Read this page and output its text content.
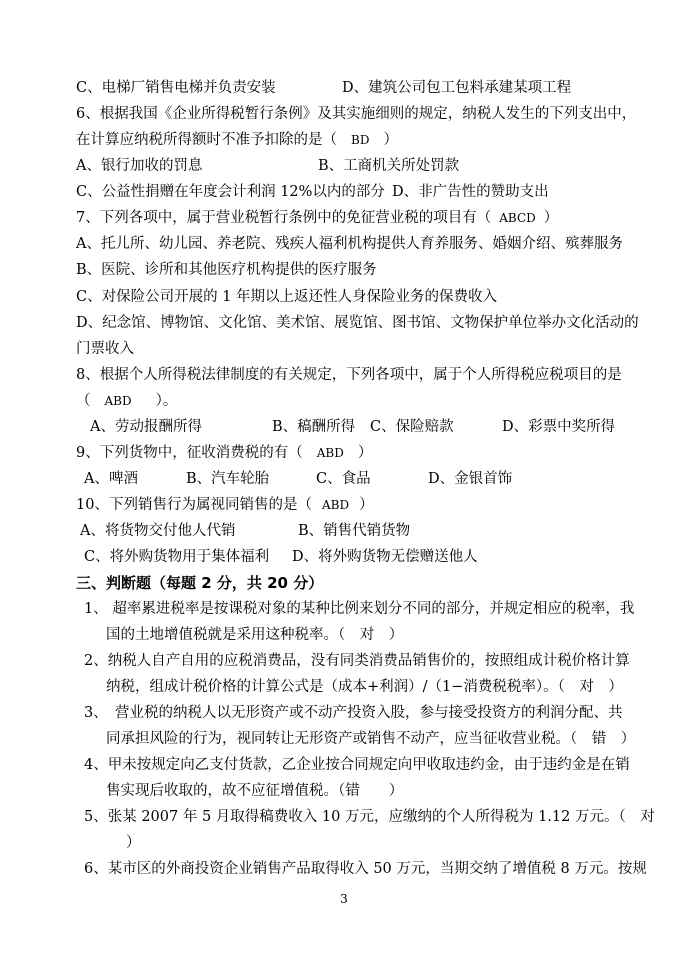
C、电梯厂销售电梯并负责安装	D、建筑公司包工包料承建某项工程
6、根据我国《企业所得税暂行条例》及其实施细则的规定，纳税人发生的下列支出中，
在计算应纳税所得额时不准予扣除的是（ BD ）
A、银行加收的罚息	B、工商机关所处罚款
C、公益性捐赠在年度会计利润 12%以内的部分 D、非广告性的赞助支出
7、下列各项中，属于营业税暂行条例中的免征营业税的项目有（ ABCD ）
A、托儿所、幼儿园、养老院、残疾人福利机构提供人育养服务、婚姻介绍、殡葬服务
B、医院、诊所和其他医疗机构提供的医疗服务
C、对保险公司开展的 1 年期以上返还性人身保险业务的保费收入
D、纪念馆、博物馆、文化馆、美术馆、展览馆、图书馆、文物保护单位举办文化活动的
门票收入
8、根据个人所得税法律制度的有关规定，下列各项中，属于个人所得税应税项目的是
（ ABD ）。
A、劳动报酬所得	B、稿酬所得 C、保险赔款	D、彩票中奖所得
9、下列货物中，征收消费税的有（ ABD ）
A、啤酒	B、汽车轮胎	C、食品	D、金银首饰
10、下列销售行为属视同销售的是（ ABD ）
A、将货物交付他人代销	B、销售代销货物
C、将外购货物用于集体福利 D、将外购货物无偿赠送他人
三、判断题（每题 2 分，共 20 分）
1、 超率累进税率是按课税对象的某种比例来划分不同的部分，并规定相应的税率，我
国的土地增值税就是采用这种税率。（　对　）
2、纳税人自产自用的应税消费品，没有同类消费品销售价的，按照组成计税价格计算
纳税，组成计税价格的计算公式是（成本+利润）/（1−消费税税率）。（　对　）
3、　营业税的纳税人以无形资产或不动产投资入股，参与接受投资方的利润分配、共
同承担风险的行为，视同转让无形资产或销售不动产，应当征收营业税。（　错　）
4、甲未按规定向乙支付货款，乙企业按合同规定向甲收取违约金，由于违约金是在销
售实现后收取的，故不应征增值税。（错　　）
5、张某 2007 年 5 月取得稿费收入 10 万元，应缴纳的个人所得税为 1.12 万元。（　对
）
6、某市区的外商投资企业销售产品取得收入 50 万元，当期交纳了增值税 8 万元。按规
3
